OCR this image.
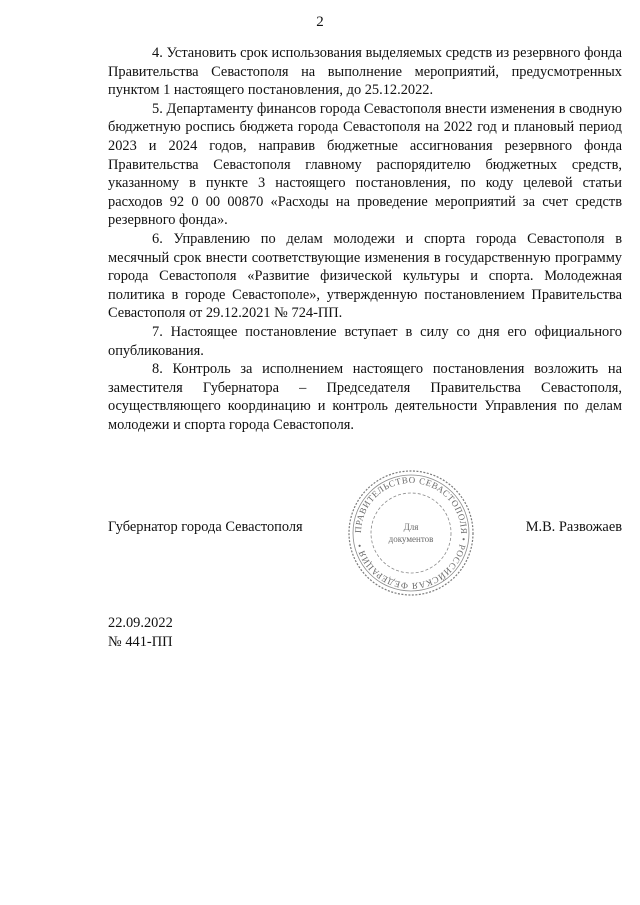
2

4. Установить срок использования выделяемых средств из резервного фонда Правительства Севастополя на выполнение мероприятий, предусмотренных пунктом 1 настоящего постановления, до 25.12.2022.

5. Департаменту финансов города Севастополя внести изменения в сводную бюджетную роспись бюджета города Севастополя на 2022 год и плановый период 2023 и 2024 годов, направив бюджетные ассигнования резервного фонда Правительства Севастополя главному распорядителю бюджетных средств, указанному в пункте 3 настоящего постановления, по коду целевой статьи расходов 92 0 00 00870 «Расходы на проведение мероприятий за счет средств резервного фонда».

6. Управлению по делам молодежи и спорта города Севастополя в месячный срок внести соответствующие изменения в государственную программу города Севастополя «Развитие физической культуры и спорта. Молодежная политика в городе Севастополе», утвержденную постановлением Правительства Севастополя от 29.12.2021 № 724-ПП.

7. Настоящее постановление вступает в силу со дня его официального опубликования.

8. Контроль за исполнением настоящего постановления возложить на заместителя Губернатора – Председателя Правительства Севастополя, осуществляющего координацию и контроль деятельности Управления по делам молодежи и спорта города Севастополя.

ПРАВИТЕЛЬСТВО СЕВАСТОПОЛЯ • РОССИЙСКАЯ ФЕДЕРАЦИЯ •
Для
документов
Губернатор города Севастополя	М.В. Развожаев
22.09.2022
№ 441-ПП
